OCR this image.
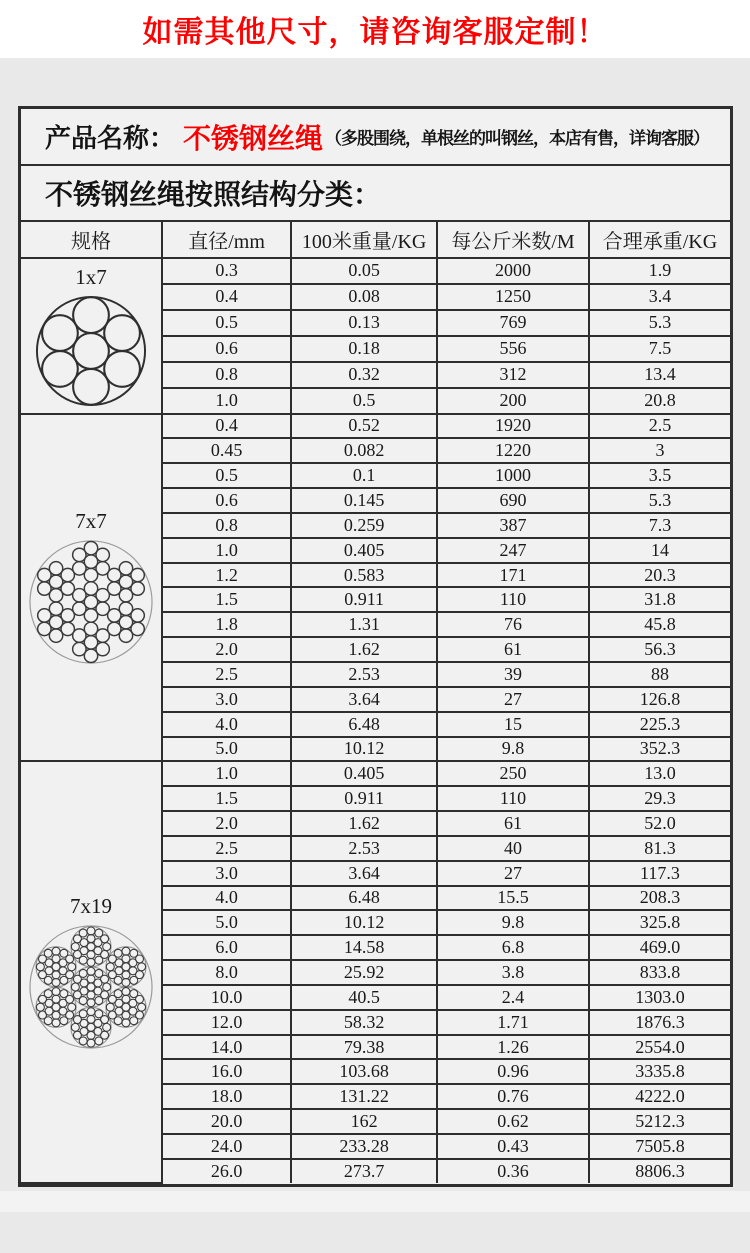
如需其他尺寸，请咨询客服定制！
产品名称： 不锈钢丝绳 （多股围绕，单根丝的叫钢丝，本店有售，详询客服）
不锈钢丝绳按照结构分类：
规格	直径/mm	100米重量/KG	每公斤米数/M	合理承重/KG

1x7	0.3	0.05	2000	1.9
	0.4	0.08	1250	3.4
	0.5	0.13	769	5.3
	0.6	0.18	556	7.5
	0.8	0.32	312	13.4
	1.0	0.5	200	20.8

7x7	0.4	0.52	1920	2.5
	0.45	0.082	1220	3
	0.5	0.1	1000	3.5
	0.6	0.145	690	5.3
	0.8	0.259	387	7.3
	1.0	0.405	247	14
	1.2	0.583	171	20.3
	1.5	0.911	110	31.8
	1.8	1.31	76	45.8
	2.0	1.62	61	56.3
	2.5	2.53	39	88
	3.0	3.64	27	126.8
	4.0	6.48	15	225.3
	5.0	10.12	9.8	352.3

7x19	1.0	0.405	250	13.0
	1.5	0.911	110	29.3
	2.0	1.62	61	52.0
	2.5	2.53	40	81.3
	3.0	3.64	27	117.3
	4.0	6.48	15.5	208.3
	5.0	10.12	9.8	325.8
	6.0	14.58	6.8	469.0
	8.0	25.92	3.8	833.8
	10.0	40.5	2.4	1303.0
	12.0	58.32	1.71	1876.3
	14.0	79.38	1.26	2554.0
	16.0	103.68	0.96	3335.8
	18.0	131.22	0.76	4222.0
	20.0	162	0.62	5212.3
	24.0	233.28	0.43	7505.8
	26.0	273.7	0.36	8806.3
